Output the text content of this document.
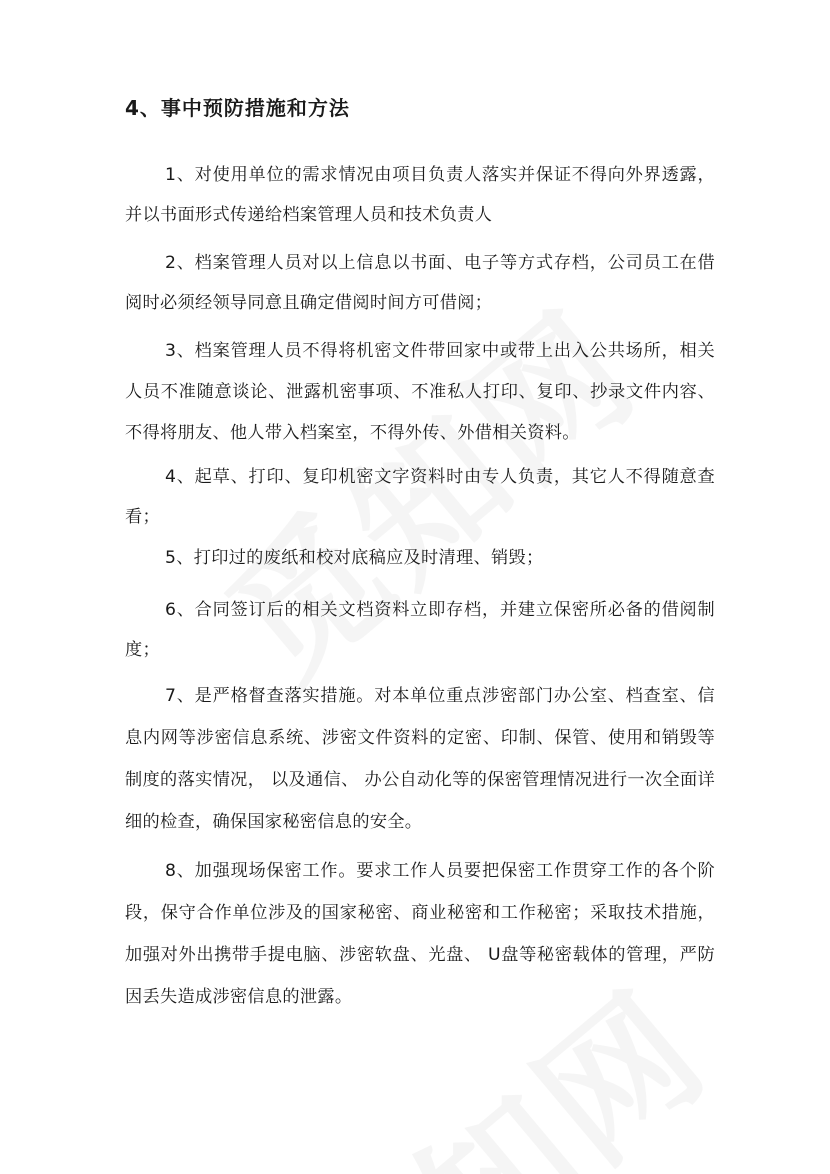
4、事中预防措施和方法

1、对使用单位的需求情况由项目负责人落实并保证不得向外界透露，并以书面形式传递给档案管理人员和技术负责人

2、档案管理人员对以上信息以书面、电子等方式存档，公司员工在借阅时必须经领导同意且确定借阅时间方可借阅；

3、档案管理人员不得将机密文件带回家中或带上出入公共场所，相关人员不准随意谈论、泄露机密事项、不准私人打印、复印、抄录文件内容、不得将朋友、他人带入档案室，不得外传、外借相关资料。

4、起草、打印、复印机密文字资料时由专人负责，其它人不得随意查看；

5、打印过的废纸和校对底稿应及时清理、销毁；

6、合同签订后的相关文档资料立即存档，并建立保密所必备的借阅制度；

7、是严格督查落实措施。对本单位重点涉密部门办公室、档查室、信息内网等涉密信息系统、涉密文件资料的定密、印制、保管、使用和销毁等制度的落实情况， 以及通信、 办公自动化等的保密管理情况进行一次全面详细的检查，确保国家秘密信息的安全。

8、加强现场保密工作。要求工作人员要把保密工作贯穿工作的各个阶段，保守合作单位涉及的国家秘密、商业秘密和工作秘密；采取技术措施，加强对外出携带手提电脑、涉密软盘、光盘、 U盘等秘密载体的管理，严防因丢失造成涉密信息的泄露。
